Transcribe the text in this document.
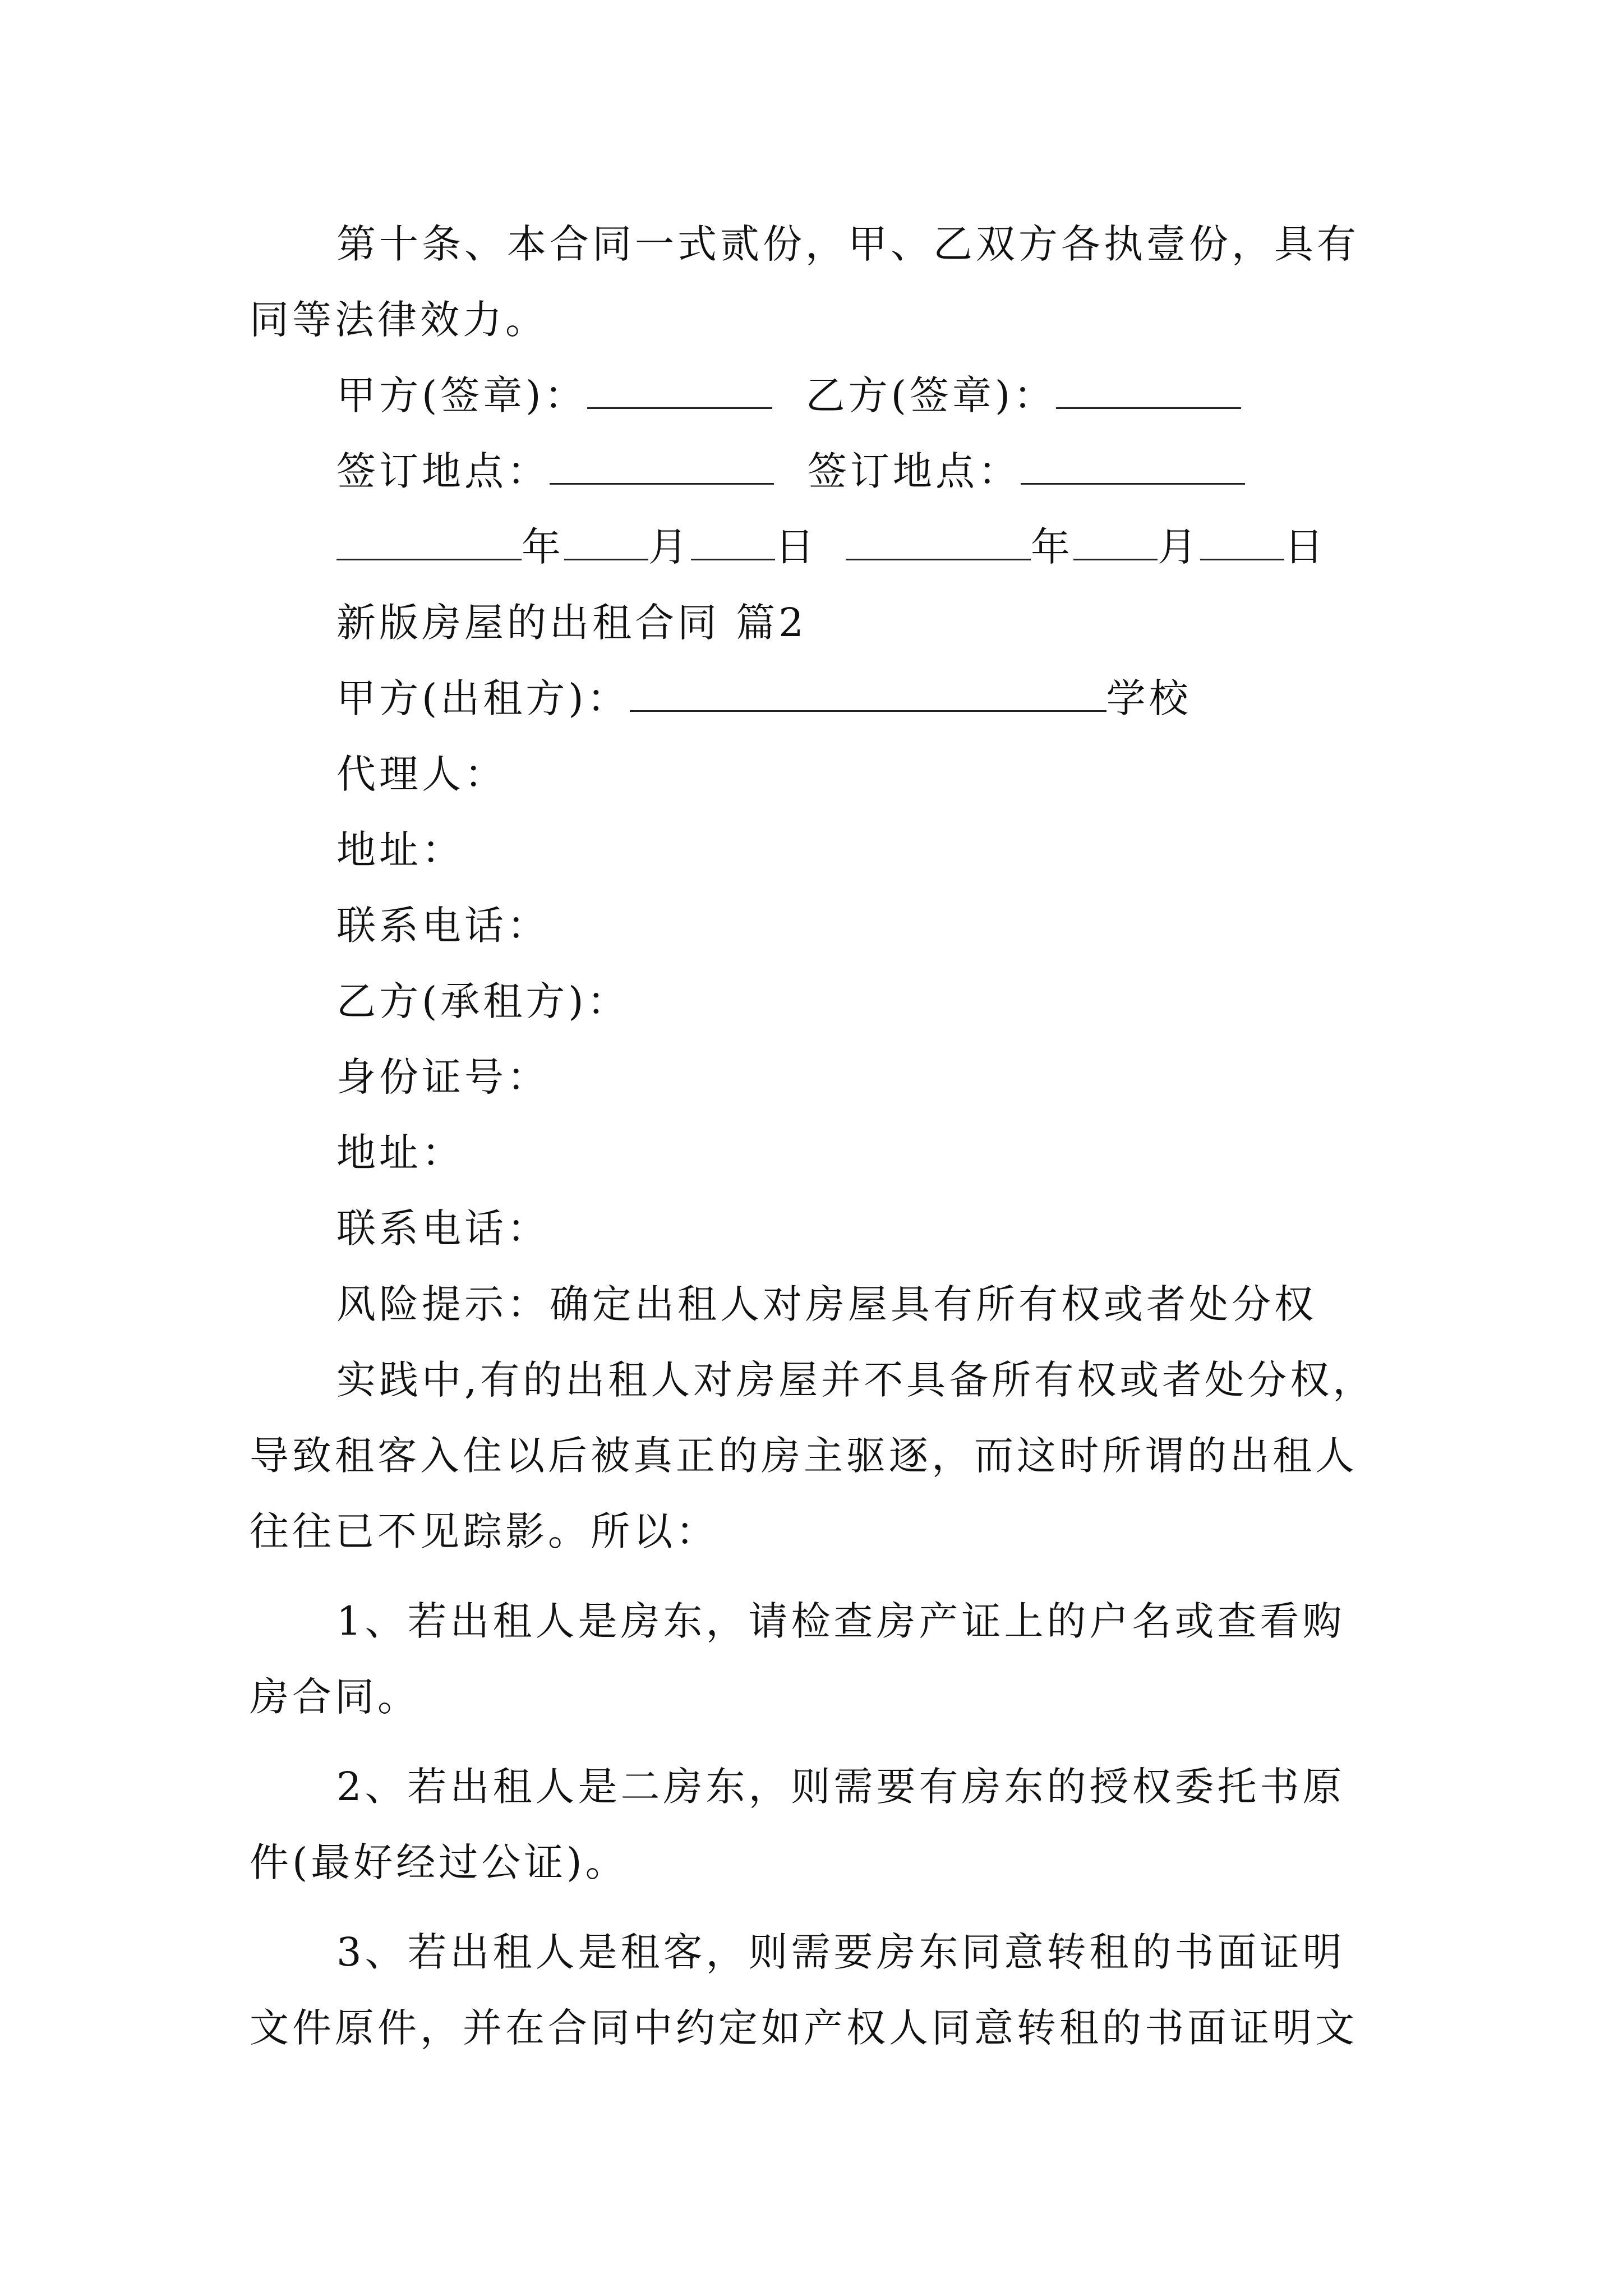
第十条、本合同一式贰份，甲、乙双方各执壹份，具有
同等法律效力。
甲方(签章)：	乙方(签章)：
签订地点：	签订地点：
年 月 日	年 月 日
新版房屋的出租合同 篇2
甲方(出租方)：	学校
代理人：
地址：
联系电话：
乙方(承租方)：
身份证号：
地址：
联系电话：
风险提示：确定出租人对房屋具有所有权或者处分权
实践中,有的出租人对房屋并不具备所有权或者处分权，
导致租客入住以后被真正的房主驱逐，而这时所谓的出租人
往往已不见踪影。所以：
1、若出租人是房东，请检查房产证上的户名或查看购
房合同。
2、若出租人是二房东，则需要有房东的授权委托书原
件(最好经过公证)。
3、若出租人是租客，则需要房东同意转租的书面证明
文件原件，并在合同中约定如产权人同意转租的书面证明文
